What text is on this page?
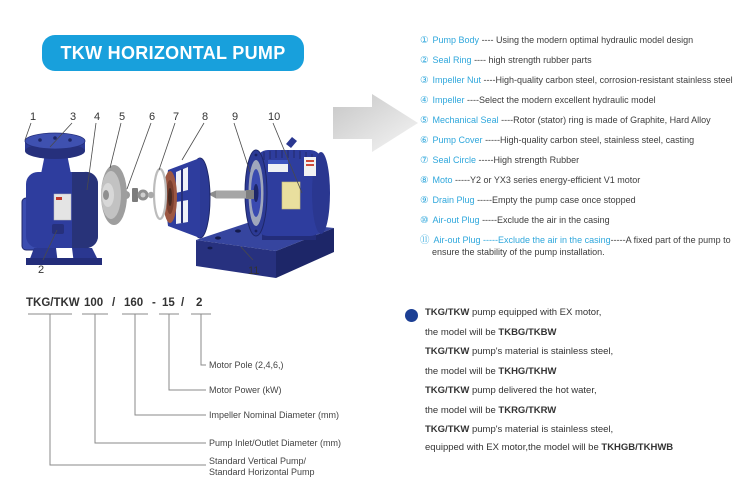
TKW HORIZONTAL PUMP
1	3 4 5 6 7 8 9	10
2	11
① Pump Body ---- Using the modern optimal hydraulic model design
② Seal Ring ---- high strength rubber parts
③ Impeller Nut ----High-quality carbon steel, corrosion-resistant stainless steel
④ Impeller ----Select the modern excellent hydraulic model
⑤ Mechanical Seal ----Rotor (stator) ring is made of Graphite, Hard Alloy
⑥ Pump Cover -----High-quality carbon steel, stainless steel, casting
⑦ Seal Circle -----High strength Rubber
⑧ Moto -----Y2 or YX3 series energy-efficient V1 motor
⑨ Drain Plug -----Empty the pump case once stopped
⑩ Air-out Plug -----Exclude the air in the casing
⑪ Air-out Plug -----Exclude the air in the casing-----A fixed part of the pump to ensure the stability of the pump installation.
TKG/TKW 100 / 160 - 15 / 2
Motor Pole (2,4,6,)
Motor Power (kW)
Impeller Nominal Diameter (mm)
Pump Inlet/Outlet Diameter (mm)
Standard Vertical Pump/
Standard Horizontal Pump
TKG/TKW pump equipped with EX motor,
the model will be TKBG/TKBW
TKG/TKW pump's material is stainless steel,
the model will be TKHG/TKHW
TKG/TKW pump delivered the hot water,
the model will be TKRG/TKRW
TKG/TKW pump's material is stainless steel,
equipped with EX motor,the model will be TKHGB/TKHWB
